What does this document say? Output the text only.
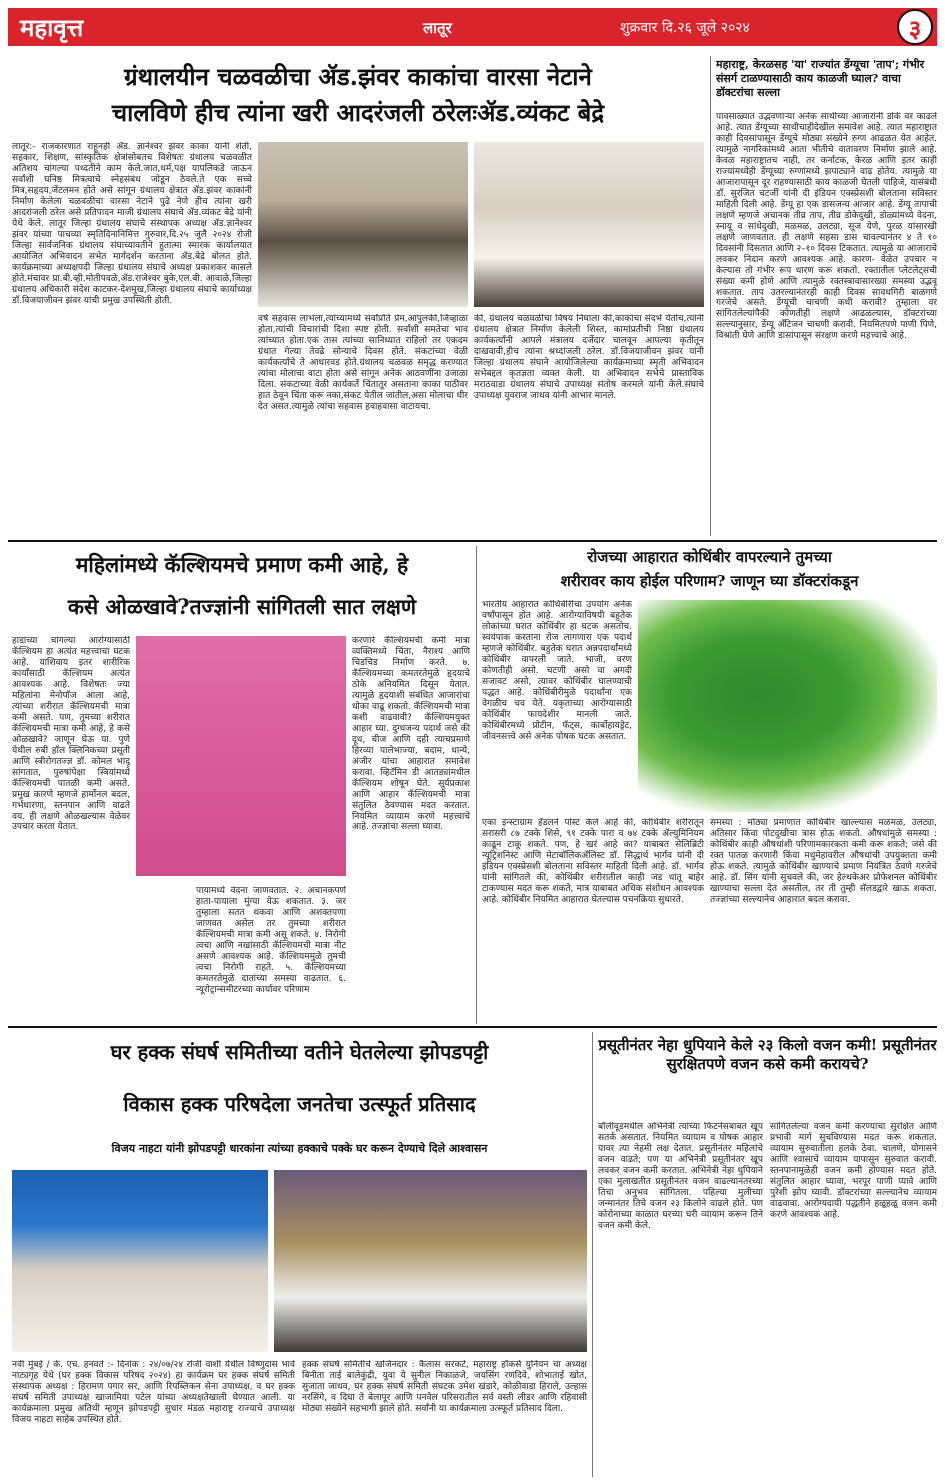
महावृत्त	लातूर	शुक्रवार दि.२६ जूले २०२४	३
ग्रंथालयीन चळवळीचा ॲड.झंवर काकांचा वारसा नेटाने
चालविणे हीच त्यांना खरी आदरंजली ठरेलःॲड.व्यंकट बेद्रे
लातूर:- राजकारणात राहूनही ॲड. ज्ञानेश्वर झंवर काका यांनी शेती, सहकार, शिक्षण, सांस्कृतिक क्षेत्रांसोबतच विशेषतः ग्रंथालय चळवळीत अतिशय चांगल्या पध्दतीने काम केले.जात,धर्म,पक्ष यापलिकडे जाऊन सर्वांशी घनिष्ठ मित्रत्वाचे स्नेहसंबंध जोडून ठेवले.ते एक सच्चे मित्र,सहृदय,जेंटलमन होते असे सांगून ग्रंथालय क्षेत्रात ॲड.झंवर काकांनी निर्माण केलेला चळवळीचा वारसा नेटाने पुढे नेणे हीच त्यांना खरी आदरांजली ठरेल असे प्रतिपादन माजी ग्रंथालय संघाचे ॲड.व्यंकट बेद्रे यांनी येथे केले. लातूर जिल्हा ग्रंथालय संघाचे संस्थापक अध्यक्ष ॲड.ज्ञानेश्वर झंवर यांच्या पाचव्या स्मृतिदिनानिमित्त गुरुवार,दि.२५ जुलै २०२४ रोजी जिल्हा सार्वजनिक ग्रंथालय संघाच्यावतीने हुतात्मा स्मारक कार्यालयात आयोजित अभिवादन सभेत मार्गदर्शन करताना ॲड.बेद्रे बोलत होते. कार्यक्रमाच्या अध्यक्षपदी जिल्हा ग्रंथालय संघाचे अध्यक्ष प्रकाशकर कासले होते.मंचावर प्रा.बी.व्ही.मोतीपवळे,ॲड.राजेश्वर बुके,एल.बी. आवाळे,जिल्हा ग्रंथालय अधिकारी संदेश काटकर-देशमुख,जिल्हा ग्रंथालय संघाचे कार्याध्यक्ष डॉ.विजयाजीवन झंवर यांची प्रमुख उपस्थिती होती.
वर्षे सहवास लाभला,त्यांच्यामध्ये सर्वांप्रति प्रेम,आपुलकी,जिव्हाळा होता,त्यांची विचारांची दिशा स्पष्ट होती. सर्वांशी समतेचा भाव त्यांच्यात होता.एक तास त्यांच्या सानिध्यात राहिलो तर एकदम ग्रंथात गेल्या तेवढे सोन्याचे दिवस होते. संकटांच्या वेळी कार्यकर्त्यांचे ते आधारवड होते.ग्रंथालय चळवळ समृद्ध करण्यात त्यांचा मोलाचा वाटा होता असे सांगून अनेक आठवणींना उजाळा दिला. संकटाच्या वेळी कार्यकर्ते चिंतातूर असताना काका पाठीवर हात ठेवून चिंता करू नका,संकट येतील जातील,असा मोलाचा धीर देत असत.त्यामुळे त्यांचा सहवास हवाहवासा वाटायचा.
की, ग्रंथालय चळवळीचा विषय निघाला की,काकांचा संदर्भ येतोच,त्यांनी ग्रंथालय क्षेत्रात निर्माण केलेली शिस्त, कामांप्रतीची निष्ठा ग्रंथालय कार्यकर्त्यांनी आपले मंत्रालय दर्जेदार चालवून आपल्या कृतीतून दाखवावी,हीच त्यांना श्रध्दांजली ठरेल. डॉ.विजयाजीवन झंवर यांनी जिल्हा ग्रंथालय संघाने आयोजिलेल्या कार्यक्रमाच्या स्मृती अभिवादन सभेबद्दल कृतज्ञता व्यक्त केली. या अभिवादन सभेचे प्रास्ताविक मराठवाडा ग्रंथालय संघाचे उपाध्यक्ष संतोष करमले यांनी केले.संघाचे उपाध्यक्ष युवराज जाधव यांनी आभार मानले.
महाराष्ट्र, केरळसह 'या' राज्यांत डेंग्यूचा 'ताप'; गंभीर संसर्ग टाळण्यासाठी काय काळजी घ्याल? वाचा डॉक्टरांचा सल्ला
पावसाळ्यात उद्भवणाऱ्या अनेक साथीच्या आजारांनी डोके वर काढले आहे. त्यात डेंग्यूच्या साथीचाहीदेखील समावेश आहे. त्यात महाराष्ट्रात काही दिवसांपासून डेंग्यूचे मोठ्या संख्येने रुग्ण आढळत येत आहेत. त्यामुळे नागरिकांमध्ये आता भीतीचे वातावरण निर्माण झाले आहे. केवळ महाराष्ट्रातच नाही, तर कर्नाटक, केरळ आणि इतर काही राज्यांमध्येही डेंग्यूच्या रुग्णांमध्ये झपाट्याने वाढ होतेय. त्यामुळे या आजारापासून दूर राहण्यासाठी काय काळजी घेतली पाहिजे, यासंबंधी डॉ. सुरंजित चटर्जी यांनी दी इंडियन एक्स्प्रेसशी बोलताना सविस्तर माहिती दिली आहे. डेंग्यू हा एक डासजन्य आजार आहे. डेंग्यू तापाची लक्षणे म्हणजे अचानक तीव्र ताप, तीव्र डोकेदुखी, डोळ्यांमध्ये वेदना, स्नायू व सांधेदुखी, मळमळ, उलट्या, सूज येणे, पुरळ यांसारखी लक्षणे जाणवतात. ही लक्षणे सहसा डास चावल्यानंतर ४ ते १० दिवसांनी दिसतात आणि २–१० दिवस टिकतात. त्यामुळे या आजाराचे लवकर निदान करणे आवश्यक आहे. कारण- वेळेत उपचार न केल्यास तो गंभीर रूप धारण करू शकतो. रक्तातील प्लेटलेट्सची संख्या कमी होणे आणि त्यामुळे रक्तस्त्रावासारख्या समस्या उद्भवू शकतात. ताप उतरल्यानंतरही काही दिवस सावधगिरी बाळगणे गरजेचे असते. डेंग्यूची चाचणी कधी करावी? तुम्हाला वर सांगितलेल्यांपैकी कोणतीही लक्षणे आढळल्यास, डॉक्टरांच्या सल्ल्यानुसार, डेंग्यू अँटिजन चाचणी करावी. नियमितपणे पाणी पिणे, विश्रांती घेणे आणि डासांपासून संरक्षण करणे महत्त्वाचे आहे.
महिलांमध्ये कॅल्शियमचे प्रमाण कमी आहे, हे
कसे ओळखावे?तज्ज्ञांनी सांगितली सात लक्षणे
हाडांच्या चांगल्या आरोग्यासाठी कॅल्शियम हा अत्यंत महत्त्वाचा घटक आहे. याशिवाय इतर शारीरिक कार्यांसाठी कॅल्शियम अत्यंत आवश्यक आहे. विशेषतः ज्या महिलांना मेनोपॉज आला आहे, त्यांच्या शरीरात कॅल्शियमची मात्रा कमी असते. पण, तुमच्या शरीरात कॅल्शियमची मात्रा कमी आहे, हे कसे ओळखावे? जाणून घेऊ या. पुणे येथील रुबी हॉल क्लिनिकच्या प्रसूती आणि स्त्रीरोगतज्ज्ञ डॉ. कोमल भादू सांगतात, पुरुषांपेक्षा स्त्रियांमध्ये कॅल्शियमची पातळी कमी असते. प्रमुख कारणे म्हणजे हार्मोनल बदल, गर्भधारणा, स्तनपान आणि वाढते वय. ही लक्षणे ओळखल्यास वेळेवर उपचार करता येतात.
पायामध्ये वेदना जाणवतात. २. अचानकपणे हाता-पायाला मुंग्या येऊ शकतात. ३. जर तुम्हाला सतत थकवा आणि अशक्तपणा जाणवत असेल तर तुमच्या शरीरात कॅल्शियमची मात्रा कमी असू शकते. ४. निरोगी त्वचा आणि नखांसाठी कॅल्शियमची मात्रा नीट असणे आवश्यक आहे. कॅल्शियममुळे तुमची त्वचा निरोगी राहते. ५. कॅल्शियमच्या कमतरतेमुळे दातांच्या समस्या वाढतात. ६. न्यूरोट्रान्समीटरच्या कार्यावर परिणाम
करणारे कॅल्शियमची कमी मात्रा व्यक्तिमध्ये चिंता, नैराश्य आणि चिडचिड निर्माण करते. ७. कॅल्शियमच्या कमतरतेमुळे हृदयाचे ठोके अनियमित दिसून येतात. त्यामुळे हृदयाशी संबंधित आजारांचा धोका वाढू शकतो. कॅल्शियमची मात्रा कशी वाढवावी? कॅल्शियमयुक्त आहार घ्या. दुग्धजन्य पदार्थ जसे की दूध, चीज आणि दही त्याचप्रमाणे हिरव्या पालेभाज्या, बदाम, धान्ये, अंजीर यांचा आहारात समावेश करावा. व्हिटॅमिन डी आतड्यांमधील कॅल्शियम शोषून घेते. सूर्यप्रकाश आणि आहार कॅल्शियमची मात्रा संतुलित ठेवण्यास मदत करतात. नियमित व्यायाम करणे महत्त्वाचे आहे. तज्ज्ञांचा सल्ला घ्यावा.
रोजच्या आहारात कोथिंबीर वापरल्याने तुमच्या
शरीरावर काय होईल परिणाम? जाणून घ्या डॉक्टरांकडून
भारतीय आहारात कोथिंबीरीचा उपयोग अनेक वर्षांपासून होत आहे. आरोग्याविषयी बहुतेक लोकांच्या घरात कोथिंबीर हा घटक असतोच. स्वयंपाक करताना रोज लागणारा एक पदार्थ म्हणजे कोथिंबीर. बहुतेक घरात अन्नपदार्थांमध्ये कोथिंबीर वापरली जाते. भाजी, वरण कोणतीही असो. चटणी असो वा अगदी सजावट असो, त्यावर कोथिंबीर घालण्याची पद्धत आहे. कोथिंबीरीमुळे पदार्थांना एक वेगळीच चव येते. यकृताच्या आरोग्यासाठी कोथिंबीर फायदेशीर मानली जाते. कोथिंबीरमध्ये प्रोटीन, फॅट्स, कार्बोहायड्रेट, जीवनसत्त्वे असे अनेक पोषक घटक असतात.
एका इन्स्टाग्राम हँडलने पोस्ट केले आहे की, कोथिंबीर शरीरातून सरासरी ८७ टक्के शिसे, ९१ टक्के पारा व ७४ टक्के ॲल्युमिनियम काढून टाकू शकते. पण, हे खरं आहे का? याबाबत सेलिब्रिटी न्यूट्रिशनिस्ट आणि मेटाबॉलिकॲलिस्ट डॉ. सिद्धार्थ भार्गव यांनी दी इंडियन एक्स्प्रेसशी बोलताना सविस्तर माहिती दिली आहे. डॉ. भार्गव यांनी सांगितले की, कोथिंबीर शरीरातील काही जड धातू बाहेर टाकण्यास मदत करू शकते, मात्र याबाबत अधिक संशोधन आवश्यक आहे. कोथिंबीर नियमित आहारात घेतल्यास पचनक्रिया सुधारते.
समस्या : मोठ्या प्रमाणात कोथिंबीर खाल्ल्यास मळमळ, उलट्या, अतिसार किंवा पोटदुखीचा त्रास होऊ शकतो. औषधांमुळे समस्या : कोथिंबीर काही औषधांशी परिणामकारकता कमी करू शकते; जसे की रक्त पातळ करणारी किंवा मधुमेहावरील औषधांची उपयुक्तता कमी होऊ शकते. त्यामुळे कोथिंबीर खाण्याचे प्रमाण नियंत्रित ठेवणे गरजेचे आहे. डॉ. सिंग यांनी सुचवले की, जर हेल्थकेअर प्रोफेशनल कोथिंबीर खाण्याचा सल्ला देत असतील, तर ती तुम्ही सॅलडद्वारे खाऊ शकता. तज्ज्ञांच्या सल्ल्यानेच आहारात बदल करावा.
घर हक्क संघर्ष समितीच्या वतीने घेतलेल्या झोपडपट्टी
विकास हक्क परिषदेला जनतेचा उत्स्फूर्त प्रतिसाद
विजय नाहटा यांनी झोपडपट्टी धारकांना त्यांच्या हक्काचे पक्के घर करून देण्याचे दिले आश्वासन
नवी मुंबई / के. एच. हनवते :- दिनांक : २४/०७/२४ रोजी वाशी येथील विष्णुदास भावे नाट्यगृह येथे (घर हक्क विकास परिषद २०२४) हा कार्यक्रम घर हक्क संघर्ष समिती संस्थापक अध्यक्ष : हिरामण पगार सर, आणि रिपब्लिकन सेना उपाध्यक्ष, व घर हक्क संघर्ष समिती उपाध्यक्ष खाजामिया पटेल यांच्या अध्यक्षतेखाली घेण्यात आली. या कार्यक्रमाला प्रमुख अतिथी म्हणून झोपडपट्टी सुधार मंडळ महाराष्ट्र राज्याचे उपाध्यक्ष विजय नाहटा साहेब उपस्थित होते.
हक्क संघर्ष समितीचे खजिनदार : कैलास सरकटे, महाराष्ट्र हॉकर्स युनियन चा अध्यक्ष बिनीता ताई बालेकुंद्री, युवा ये सुनील निकाळजे, जयसिंग रणदिवे, शोभाताई खोत, सुजाता जाधव, घर हक्क संघर्ष समिती संघटक उमेश खंडारे, कोळीवाडा हिराले, उल्हास नरसिंगे, व दिघा ते बेलापूर आणि पनवेल परिसरातील सर्व वस्ती लीडर आणि रहिवासी मोठ्या संख्येने सहभागी झाले होते. सर्वांनी या कार्यक्रमाला उत्स्फूर्त प्रतिसाद दिला.
प्रसूतीनंतर नेहा धुपियाने केले २३ किलो वजन कमी! प्रसूतीनंतर सुरक्षितपणे वजन कसे कमी करायचे?
बॉलीवूडमधील अभिनेत्री त्यांच्या फिटनेसबाबत खूप सतर्क असतात. नियमित व्यायाम व पोषक आहार यावर त्या नेहमी लक्ष देतात. प्रसूतीनंतर महिलांचे वजन वाढते; पण या अभिनेत्री प्रसूतीनंतर खूप लवकर वजन कमी करतात. अभिनेत्री नेहा धुपियाने एका मुलाखतीत प्रसूतीनंतर वजन वाढल्यानंतरच्या तिचा अनुभव सांगितला. पहिल्या मुलीच्या जन्मानंतर तिचे वजन २३ किलोने वाढले होते. पण कोरोनाच्या काळात घरच्या घरी व्यायाम करून तिने वजन कमी केले.
सांगितलेल्या वजन कमी करण्याचा सुरक्षित आणि प्रभावी मार्ग सुचविण्यास मदत करू शकतात. व्यायाम सुरुवातीला हलके ठेवा. चालणे, योगासने आणि श्वासाचे व्यायाम यापासून सुरुवात करावी. स्तनपानामुळेही वजन कमी होण्यास मदत होते. संतुलित आहार घ्यावा, भरपूर पाणी प्यावे आणि पुरेशी झोप घ्यावी. डॉक्टरांच्या सल्ल्यानेच व्यायाम वाढवावा. आरोग्यदायी पद्धतीने हळूहळू वजन कमी करणे आवश्यक आहे.
